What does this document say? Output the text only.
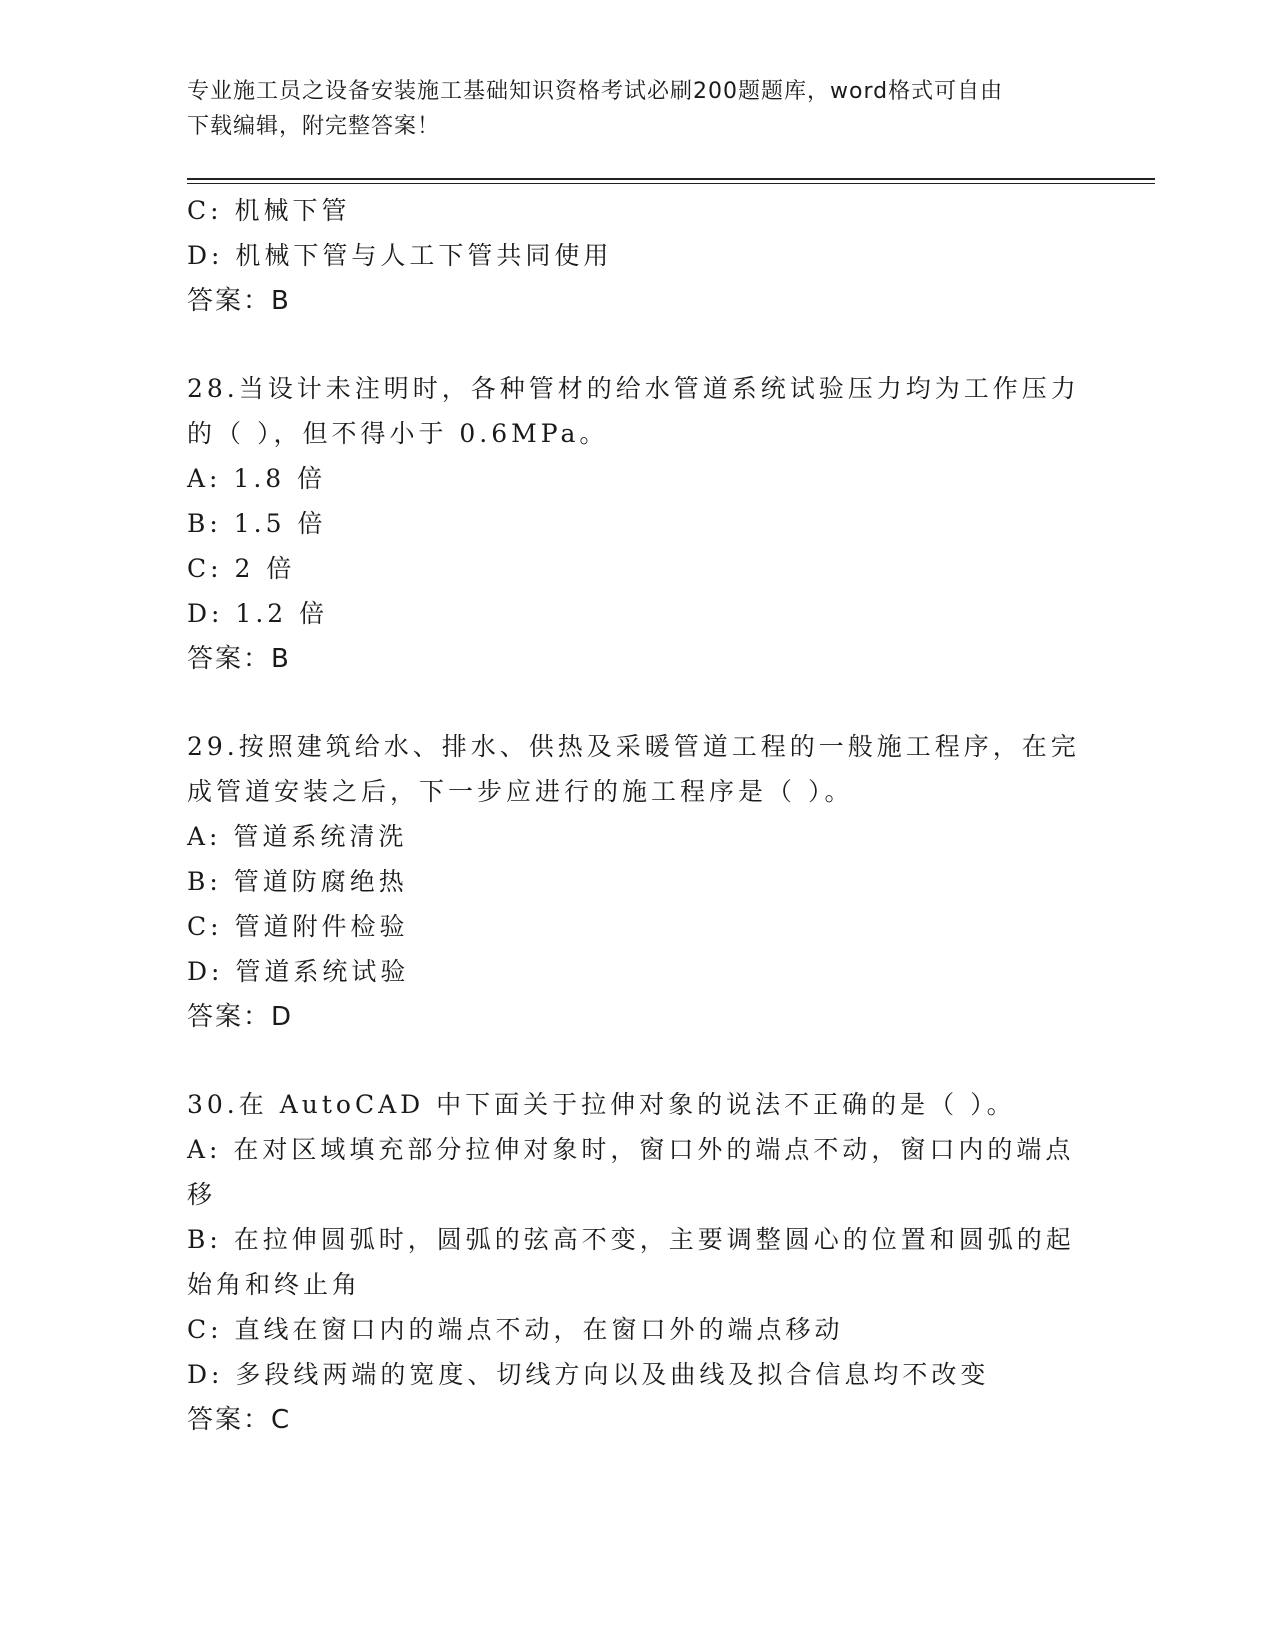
专业施工员之设备安装施工基础知识资格考试必刷200题题库，word格式可自由
下载编辑，附完整答案！

C: 机械下管

D: 机械下管与人工下管共同使用

答案：B

28.当设计未注明时，各种管材的给水管道系统试验压力均为工作压力

的（ ），但不得小于 0.6MPa。

A: 1.8 倍

B: 1.5 倍

C: 2 倍

D: 1.2 倍

答案：B

29.按照建筑给水、排水、供热及采暖管道工程的一般施工程序，在完

成管道安装之后，下一步应进行的施工程序是（ ）。

A: 管道系统清洗

B: 管道防腐绝热

C: 管道附件检验

D: 管道系统试验

答案：D

30.在 AutoCAD 中下面关于拉伸对象的说法不正确的是（ ）。

A: 在对区域填充部分拉伸对象时，窗口外的端点不动，窗口内的端点

移

B: 在拉伸圆弧时，圆弧的弦高不变，主要调整圆心的位置和圆弧的起

始角和终止角

C: 直线在窗口内的端点不动，在窗口外的端点移动

D: 多段线两端的宽度、切线方向以及曲线及拟合信息均不改变

答案：C
